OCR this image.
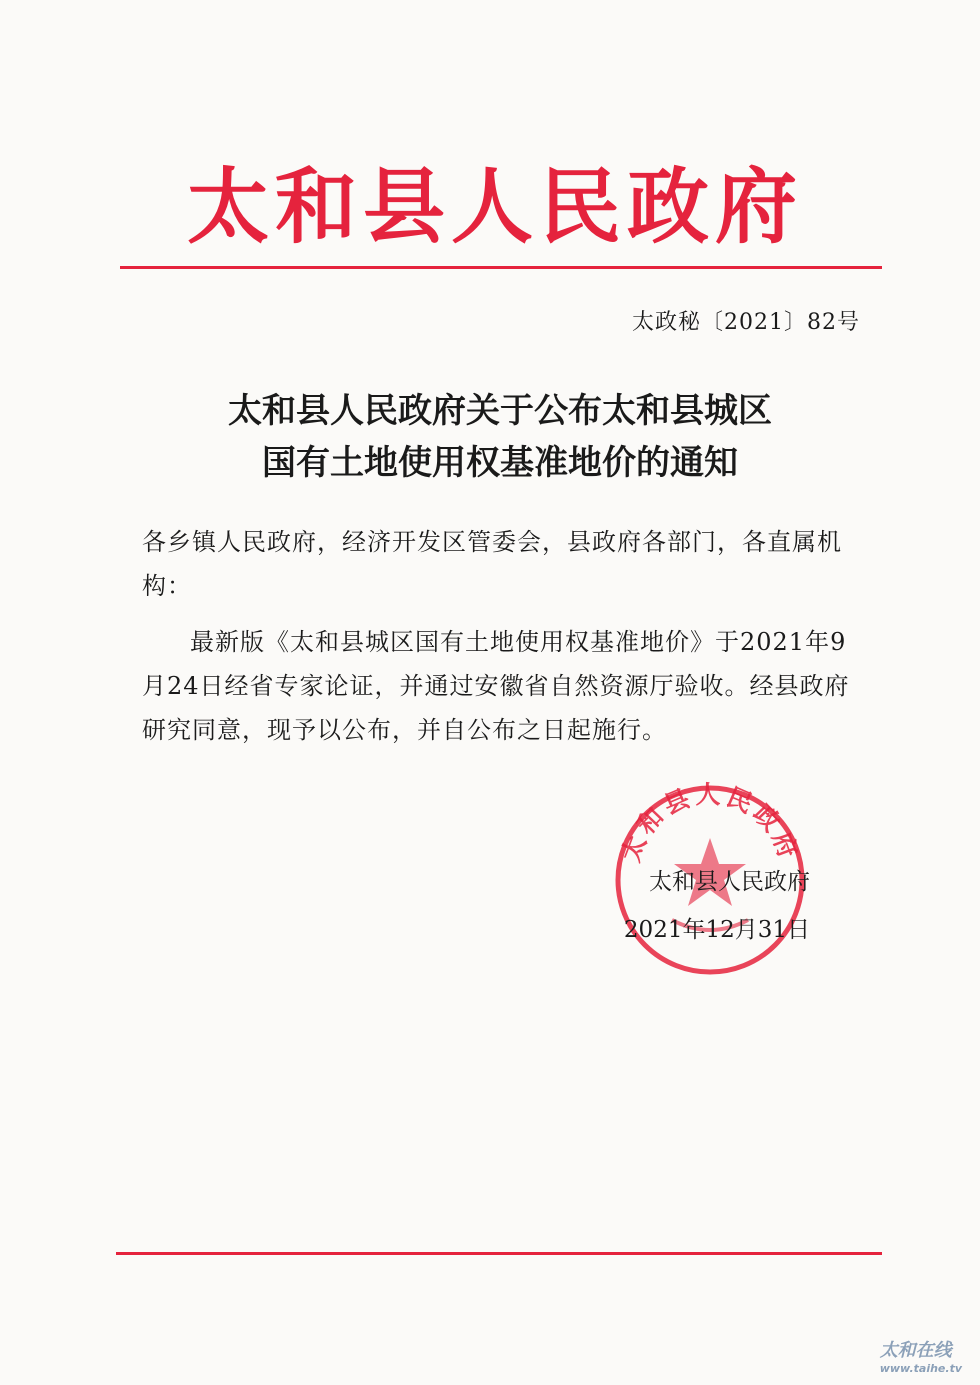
太和县人民政府
太政秘〔2021〕82号
太和县人民政府关于公布太和县城区
国有土地使用权基准地价的通知
各乡镇人民政府，经济开发区管委会，县政府各部门，各直属机构：
最新版《太和县城区国有土地使用权基准地价》于2021年9月24日经省专家论证，并通过安徽省自然资源厅验收。经县政府研究同意，现予以公布，并自公布之日起施行。
太和县人民政府
太和县人民政府
2021年12月31日
太和在线
www.taihe.tv
